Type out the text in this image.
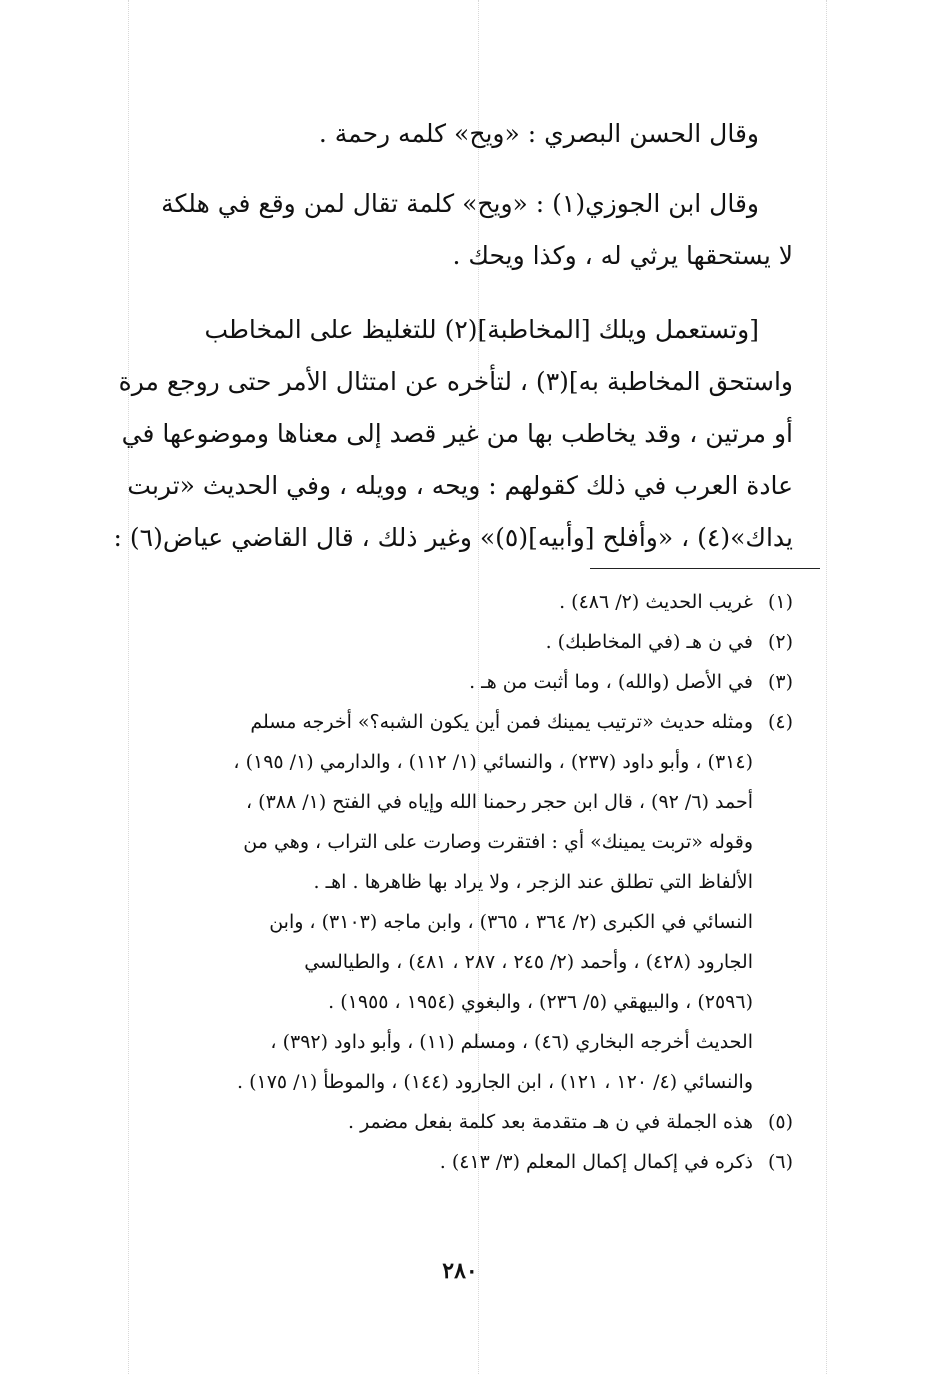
وقال الحسن البصري : «ويح» كلمه رحمة .

وقال ابن الجوزي(١) : «ويح» كلمة تقال لمن وقع في هلكة

لا يستحقها يرثي له ، وكذا ويحك .

[وتستعمل ويلك [المخاطبة](٢) للتغليظ على المخاطب

واستحق المخاطبة به](٣) ، لتأخره عن امتثال الأمر حتى روجع مرة

أو مرتين ، وقد يخاطب بها من غير قصد إلى معناها وموضوعها في

عادة العرب في ذلك كقولهم : ويحه ، وويله ، وفي الحديث «تربت

يداك»(٤) ، «وأفلح [وأبيه](٥)» وغير ذلك ، قال القاضي عياض(٦) :

(١)
غريب الحديث (٢/ ٤٨٦) .
(٢)
في ن هـ (في المخاطبك) .
(٣)
في الأصل (والله) ، وما أثبت من هـ .
(٤)
ومثله حديث «ترتيب يمينك فمن أين يكون الشبه؟» أخرجه مسلم
(٣١٤) ، وأبو داود (٢٣٧) ، والنسائي (١/ ١١٢) ، والدارمي (١/ ١٩٥) ،
أحمد (٦/ ٩٢) ، قال ابن حجر رحمنا الله وإياه في الفتح (١/ ٣٨٨) ،
وقوله «تربت يمينك» أي : افتقرت وصارت على التراب ، وهي من
الألفاظ التي تطلق عند الزجر ، ولا يراد بها ظاهرها . اهـ .
النسائي في الكبرى (٢/ ٣٦٤ ، ٣٦٥) ، وابن ماجه (٣١٠٣) ، وابن
الجارود (٤٢٨) ، وأحمد (٢/ ٢٤٥ ، ٢٨٧ ، ٤٨١) ، والطيالسي
(٢٥٩٦) ، والبيهقي (٥/ ٢٣٦) ، والبغوي (١٩٥٤ ، ١٩٥٥) .
الحديث أخرجه البخاري (٤٦) ، ومسلم (١١) ، وأبو داود (٣٩٢) ،
والنسائي (٤/ ١٢٠ ، ١٢١) ، ابن الجارود (١٤٤) ، والموطأ (١/ ١٧٥) .
(٥)
هذه الجملة في ن هـ متقدمة بعد كلمة بفعل مضمر .
(٦)
ذكره في إكمال إكمال المعلم (٣/ ٤١٣) .
٢٨٠
